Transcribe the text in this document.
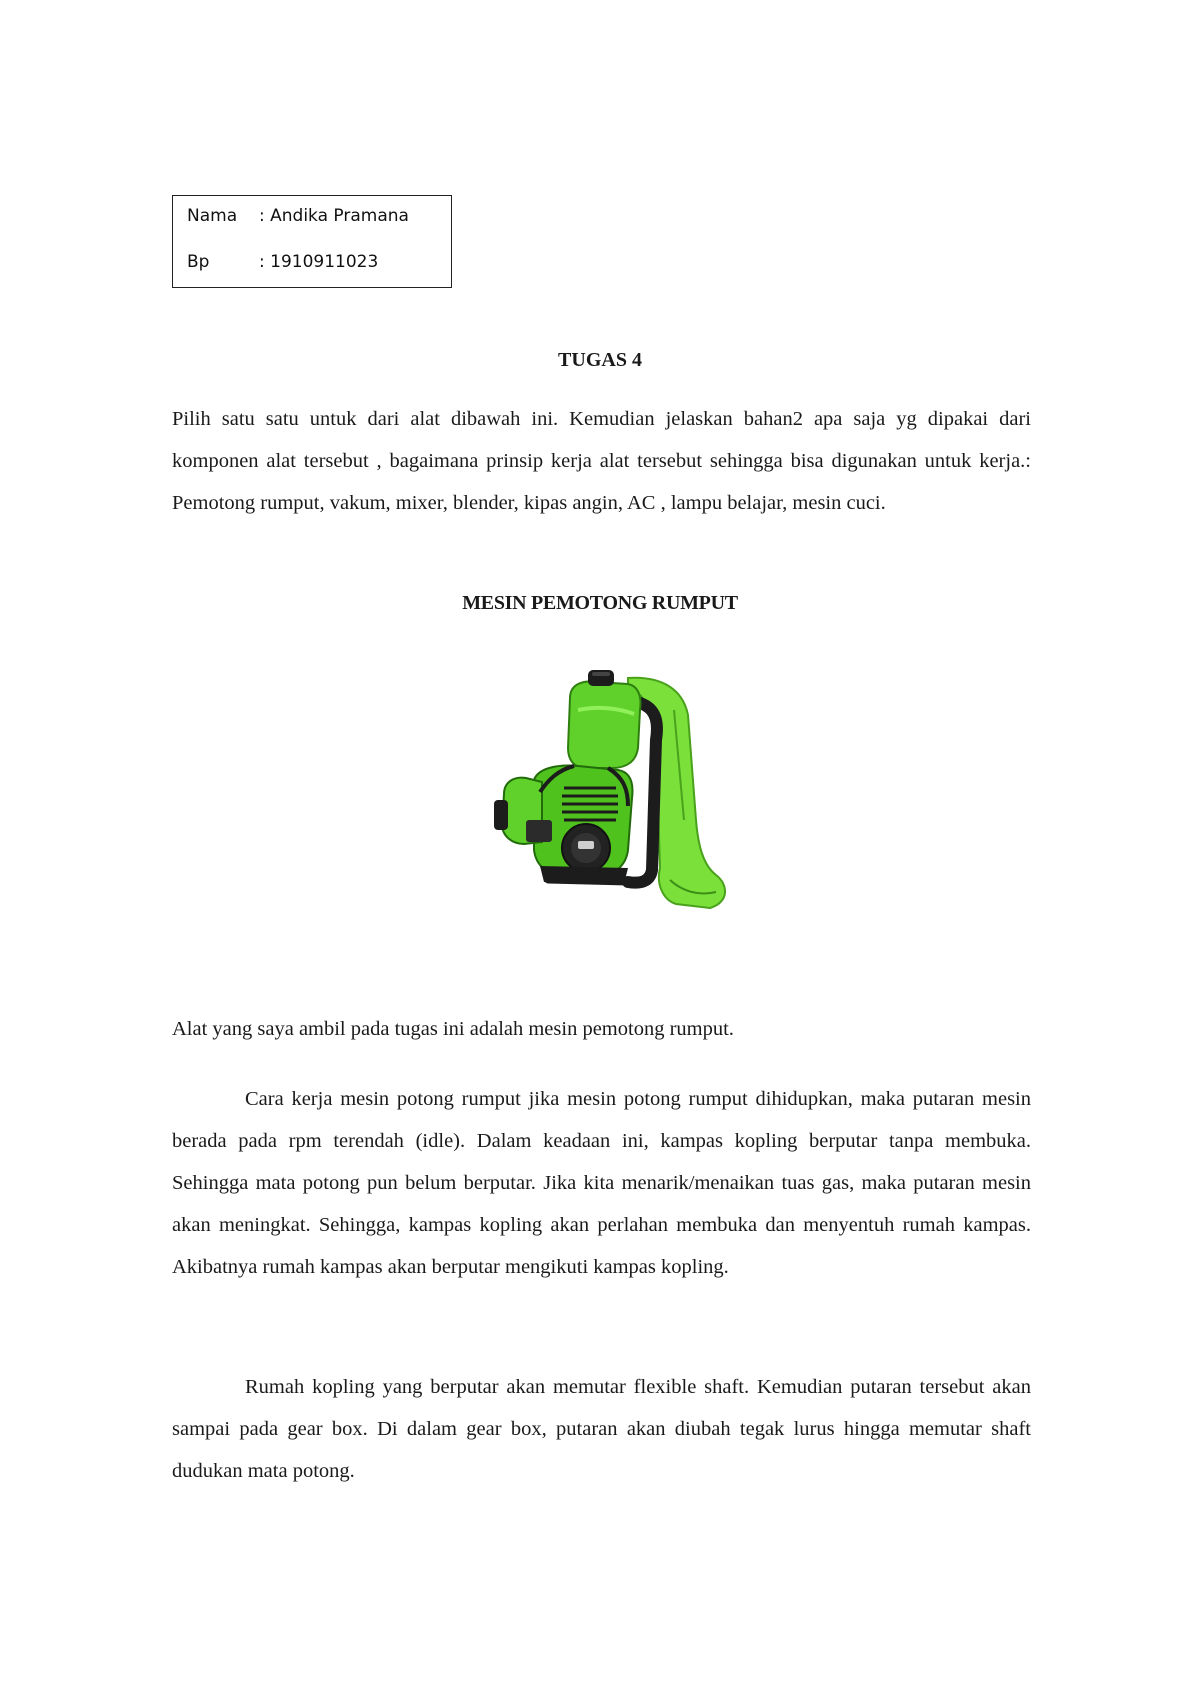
Nama	: Andika Pramana
Bp	: 1910911023
TUGAS 4

Pilih satu satu untuk dari alat dibawah ini. Kemudian jelaskan bahan2 apa saja yg dipakai dari komponen alat tersebut , bagaimana prinsip kerja alat tersebut sehingga bisa digunakan untuk kerja.: Pemotong rumput, vakum, mixer, blender, kipas angin, AC , lampu belajar, mesin cuci.

MESIN PEMOTONG RUMPUT

Alat yang saya ambil pada tugas ini adalah mesin pemotong rumput.

Cara kerja mesin potong rumput jika mesin potong rumput dihidupkan, maka putaran mesin berada pada rpm terendah (idle). Dalam keadaan ini, kampas kopling berputar tanpa membuka. Sehingga mata potong pun belum berputar. Jika kita menarik/menaikan tuas gas, maka putaran mesin akan meningkat. Sehingga, kampas kopling akan perlahan membuka dan menyentuh rumah kampas. Akibatnya rumah kampas akan berputar mengikuti kampas kopling.

Rumah kopling yang berputar akan memutar flexible shaft. Kemudian putaran tersebut akan sampai pada gear box. Di dalam gear box, putaran akan diubah tegak lurus hingga memutar shaft dudukan mata potong.
